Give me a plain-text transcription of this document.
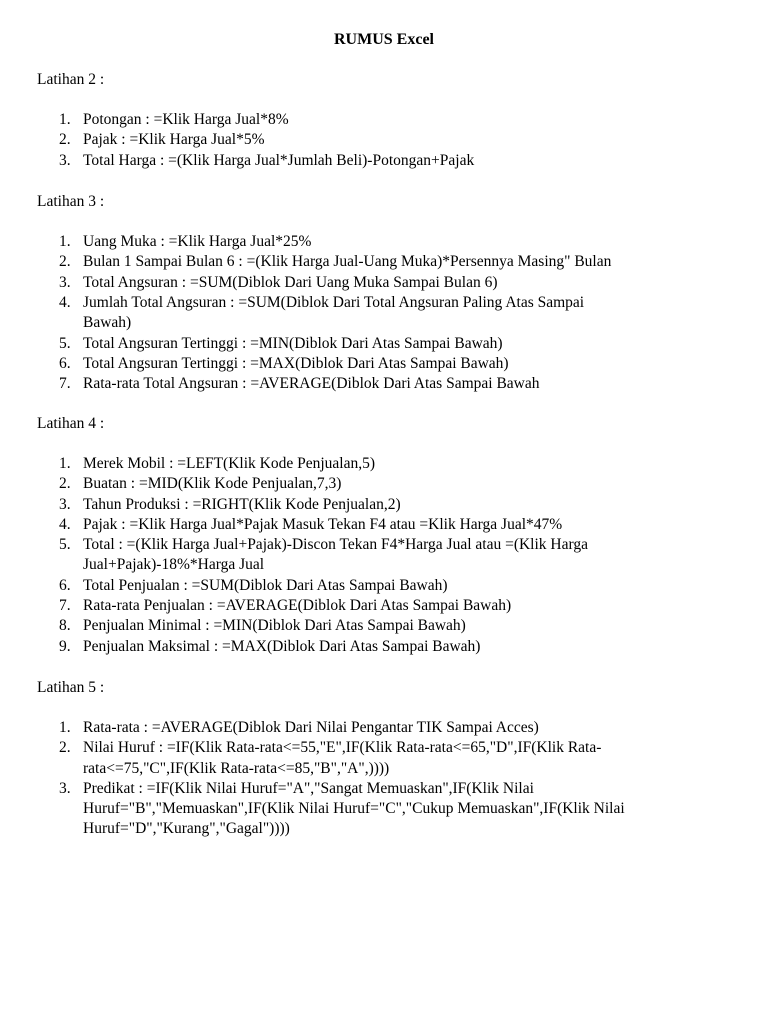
RUMUS Excel
Latihan 2 :
1. Potongan : =Klik Harga Jual*8%
2. Pajak : =Klik Harga Jual*5%
3. Total Harga : =(Klik Harga Jual*Jumlah Beli)-Potongan+Pajak
Latihan 3 :
1. Uang Muka : =Klik Harga Jual*25%
2. Bulan 1 Sampai Bulan 6 : =(Klik Harga Jual-Uang Muka)*Persennya Masing" Bulan
3. Total Angsuran : =SUM(Diblok Dari Uang Muka Sampai Bulan 6)
4. Jumlah Total Angsuran : =SUM(Diblok Dari Total Angsuran Paling Atas Sampai
Bawah)
5. Total Angsuran Tertinggi : =MIN(Diblok Dari Atas Sampai Bawah)
6. Total Angsuran Tertinggi : =MAX(Diblok Dari Atas Sampai Bawah)
7. Rata-rata Total Angsuran : =AVERAGE(Diblok Dari Atas Sampai Bawah
Latihan 4 :
1. Merek Mobil : =LEFT(Klik Kode Penjualan,5)
2. Buatan : =MID(Klik Kode Penjualan,7,3)
3. Tahun Produksi : =RIGHT(Klik Kode Penjualan,2)
4. Pajak : =Klik Harga Jual*Pajak Masuk Tekan F4 atau =Klik Harga Jual*47%
5. Total : =(Klik Harga Jual+Pajak)-Discon Tekan F4*Harga Jual atau =(Klik Harga
Jual+Pajak)-18%*Harga Jual
6. Total Penjualan : =SUM(Diblok Dari Atas Sampai Bawah)
7. Rata-rata Penjualan : =AVERAGE(Diblok Dari Atas Sampai Bawah)
8. Penjualan Minimal : =MIN(Diblok Dari Atas Sampai Bawah)
9. Penjualan Maksimal : =MAX(Diblok Dari Atas Sampai Bawah)
Latihan 5 :
1. Rata-rata : =AVERAGE(Diblok Dari Nilai Pengantar TIK Sampai Acces)
2. Nilai Huruf : =IF(Klik Rata-rata<=55,"E",IF(Klik Rata-rata<=65,"D",IF(Klik Rata-
rata<=75,"C",IF(Klik Rata-rata<=85,"B","A",))))
3. Predikat : =IF(Klik Nilai Huruf="A","Sangat Memuaskan",IF(Klik Nilai
Huruf="B","Memuaskan",IF(Klik Nilai Huruf="C","Cukup Memuaskan",IF(Klik Nilai
Huruf="D","Kurang","Gagal"))))
